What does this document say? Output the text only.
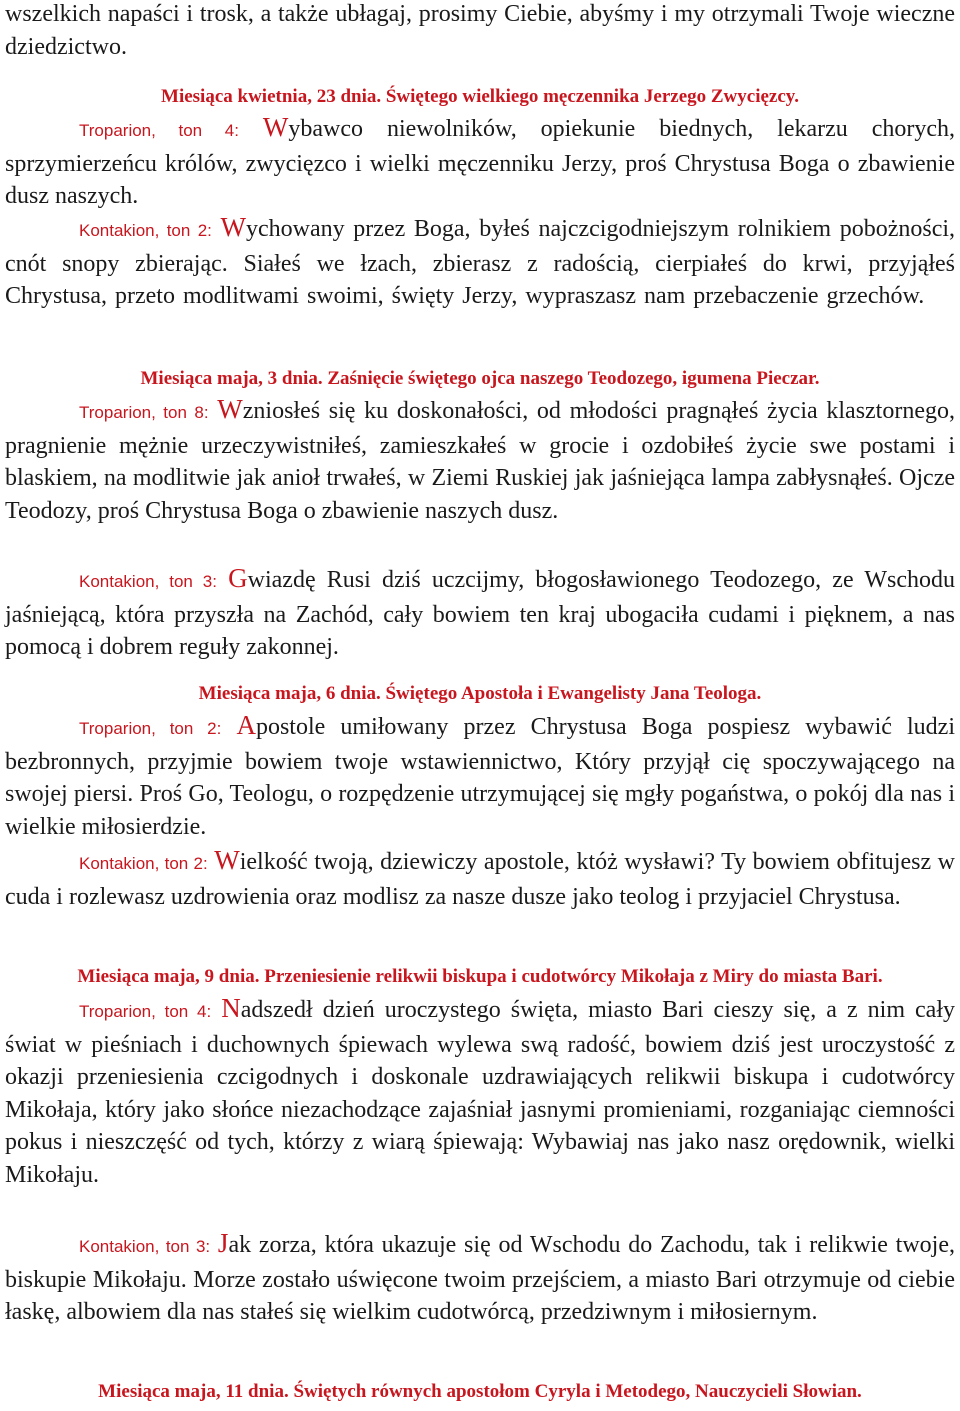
wszelkich napaści i trosk, a także ubłagaj, prosimy Ciebie, abyśmy i my otrzymali Twoje wieczne dziedzictwo.

Miesiąca kwietnia, 23 dnia. Świętego wielkiego męczennika Jerzego Zwycięzcy.

Troparion, ton 4: Wybawco niewolników, opiekunie biednych, lekarzu chorych, sprzymierzeńcu królów, zwycięzco i wielki męczenniku Jerzy, proś Chrystusa Boga o zbawienie dusz naszych.

Kontakion, ton 2: Wychowany przez Boga, byłeś najczcigodniejszym rolnikiem pobożności, cnót snopy zbierając. Siałeś we łzach, zbierasz z radością, cierpiałeś do krwi, przyjąłeś Chrystusa, przeto modlitwami swoimi, święty Jerzy, wypraszasz nam przebaczenie grzechów.

Miesiąca maja, 3 dnia. Zaśnięcie świętego ojca naszego Teodozego, igumena Pieczar.

Troparion, ton 8: Wzniosłeś się ku doskonałości, od młodości pragnąłeś życia klasztornego, pragnienie mężnie urzeczywistniłeś, zamieszkałeś w grocie i ozdobiłeś życie swe postami i blaskiem, na modlitwie jak anioł trwałeś, w Ziemi Ruskiej jak jaśniejąca lampa zabłysnąłeś. Ojcze Teodozy, proś Chrystusa Boga o zbawienie naszych dusz.

Kontakion, ton 3: Gwiazdę Rusi dziś uczcijmy, błogosławionego Teodozego, ze Wschodu jaśniejącą, która przyszła na Zachód, cały bowiem ten kraj ubogaciła cudami i pięknem, a nas pomocą i dobrem reguły zakonnej.

Miesiąca maja, 6 dnia. Świętego Apostoła i Ewangelisty Jana Teologa.

Troparion, ton 2: Apostole umiłowany przez Chrystusa Boga pospiesz wybawić ludzi bezbronnych, przyjmie bowiem twoje wstawiennictwo, Który przyjął cię spoczywającego na swojej piersi. Proś Go, Teologu, o rozpędzenie utrzymującej się mgły pogaństwa, o pokój dla nas i wielkie miłosierdzie.

Kontakion, ton 2: Wielkość twoją, dziewiczy apostole, któż wysławi? Ty bowiem obfitujesz w cuda i rozlewasz uzdrowienia oraz modlisz za nasze dusze jako teolog i przyjaciel Chrystusa.

Miesiąca maja, 9 dnia. Przeniesienie relikwii biskupa i cudotwórcy Mikołaja z Miry do miasta Bari.

Troparion, ton 4: Nadszedł dzień uroczystego święta, miasto Bari cieszy się, a z nim cały świat w pieśniach i duchownych śpiewach wylewa swą radość, bowiem dziś jest uroczystość z okazji przeniesienia czcigodnych i doskonale uzdrawiających relikwii biskupa i cudotwórcy Mikołaja, który jako słońce niezachodzące zajaśniał jasnymi promieniami, rozganiając ciemności pokus i nieszczęść od tych, którzy z wiarą śpiewają: Wybawiaj nas jako nasz orędownik, wielki Mikołaju.

Kontakion, ton 3: Jak zorza, która ukazuje się od Wschodu do Zachodu, tak i relikwie twoje, biskupie Mikołaju. Morze zostało uświęcone twoim przejściem, a miasto Bari otrzymuje od ciebie łaskę, albowiem dla nas stałeś się wielkim cudotwórcą, przedziwnym i miłosiernym.

Miesiąca maja, 11 dnia. Świętych równych apostołom Cyryla i Metodego, Nauczycieli Słowian.
